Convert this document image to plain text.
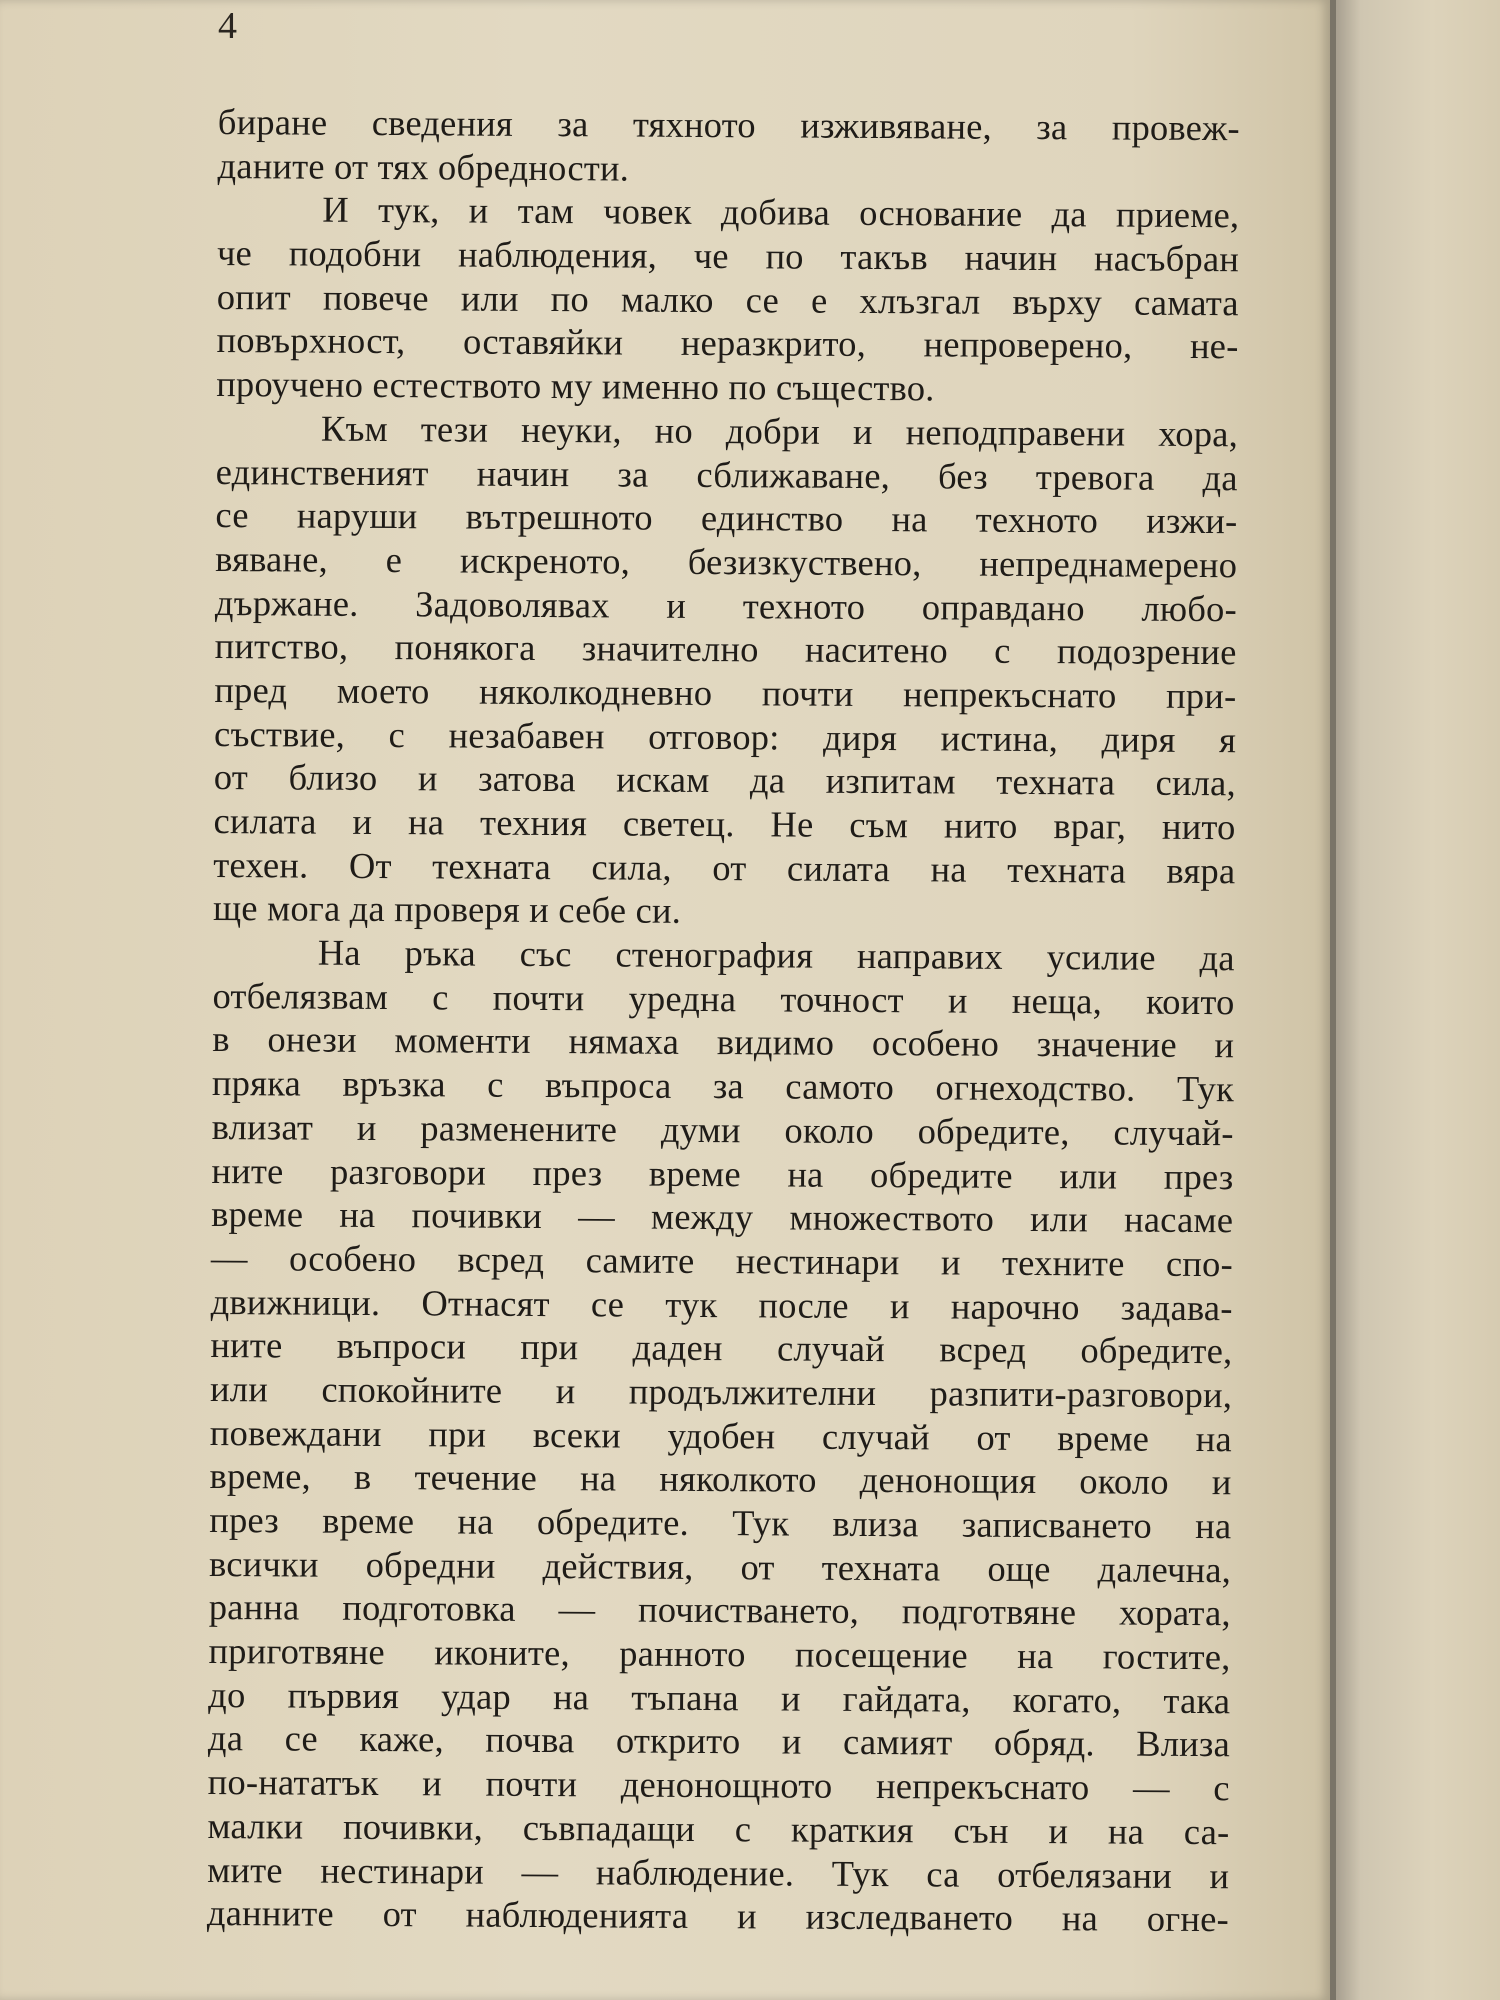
4

биране сведения за тяхното изживяване, за провеж-
даните от тях обредности.
И тук, и там човек добива основание да приеме,
че подобни наблюдения, че по такъв начин насъбран
опит повече или по малко се е хлъзгал върху самата
повърхност, оставяйки неразкрито, непроверено, не-
проучено естеството му именно по същество.
Към тези неуки, но добри и неподправени хора,
единственият начин за сближаване, без тревога да
се наруши вътрешното единство на техното изжи-
вяване, е искреното, безизкуствено, непреднамерено
държане. Задоволявах и техното оправдано любо-
питство, понякога значително наситено с подозрение
пред моето няколкодневно почти непрекъснато при-
съствие, с незабавен отговор: диря истина, диря я
от близо и затова искам да изпитам техната сила,
силата и на техния светец. Не съм нито враг, нито
техен. От техната сила, от силата на техната вяра
ще мога да проверя и себе си.
На ръка със стенография направих усилие да
отбелязвам с почти уредна точност и неща, които
в онези моменти нямаха видимо особено значение и
пряка връзка с въпроса за самото огнеходство. Тук
влизат и разменените думи около обредите, случай-
ните разговори през време на обредите или през
време на почивки — между множеството или насаме
— особено всред самите нестинари и техните спо-
движници. Отнасят се тук после и нарочно задава-
ните въпроси при даден случай всред обредите,
или спокойните и продължителни разпити-разговори,
повеждани при всеки удобен случай от време на
време, в течение на няколкото денонощия около и
през време на обредите. Тук влиза записването на
всички обредни действия, от техната още далечна,
ранна подготовка — почистването, подготвяне хората,
приготвяне иконите, ранното посещение на гостите,
до първия удар на тъпана и гайдата, когато, така
да се каже, почва открито и самият обряд. Влиза
по-нататък и почти денонощното непрекъснато — с
малки почивки, съвпадащи с краткия сън и на са-
мите нестинари — наблюдение. Тук са отбелязани и
данните от наблюденията и изследването на огне-
